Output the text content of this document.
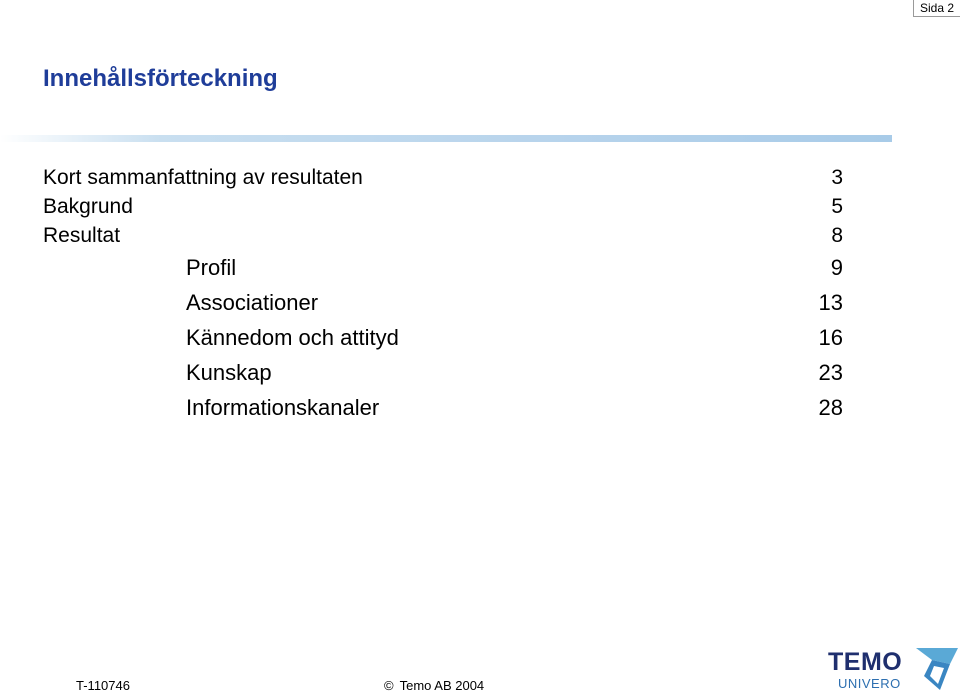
Sida 2
Innehållsförteckning
Kort sammanfattning av resultaten	3
Bakgrund	5
Resultat	8
Profil	9
Associationer	13
Kännedom och attityd	16
Kunskap	23
Informationskanaler	28
T-110746	© Temo AB 2004
TEMO
UNIVERO
